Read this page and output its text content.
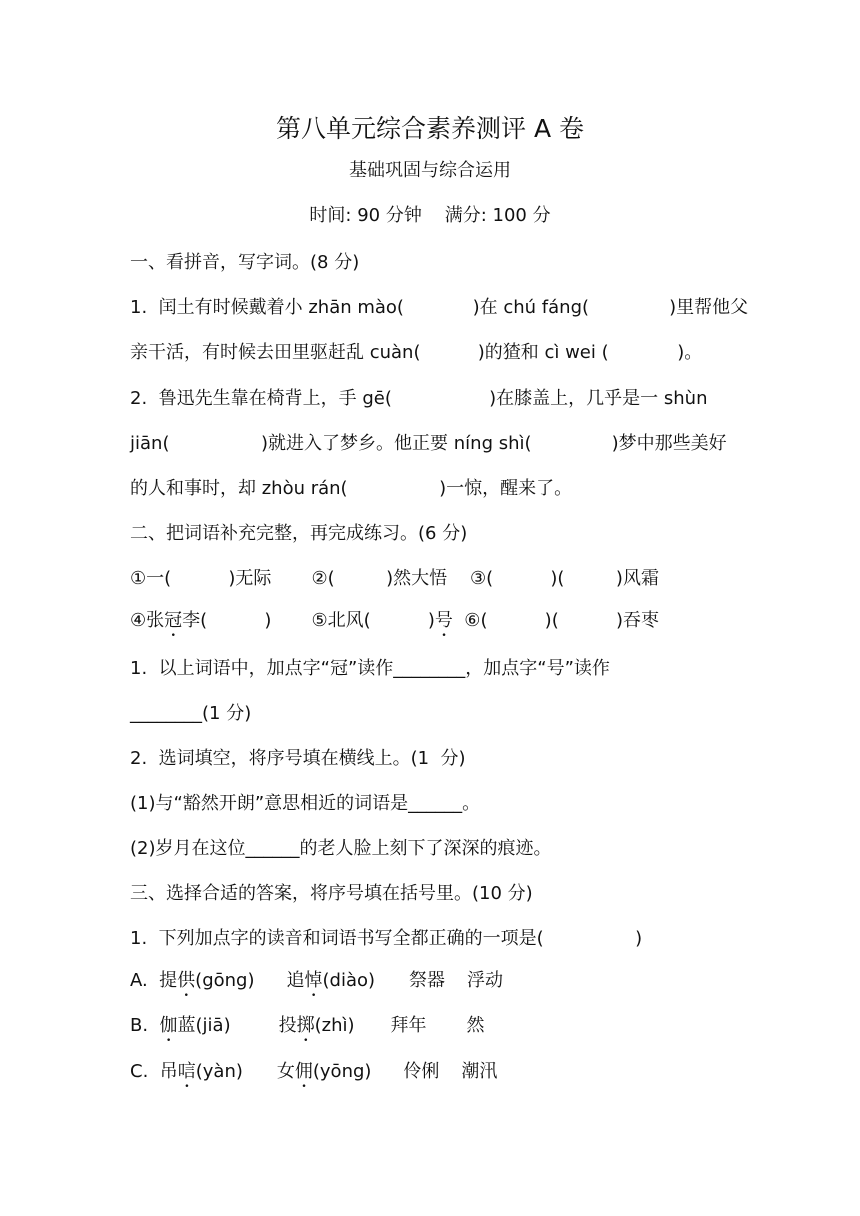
第八单元综合素养测评 A 卷
基础巩固与综合运用
时间: 90 分钟    满分: 100 分
一、看拼音，写字词。(8 分)
1.  闰土有时候戴着小 zhān mào(            )在 chú fáng(              )里帮他父
亲干活，有时候去田里驱赶乱 cuàn(          )的猹和 cì wei (            )。
2.  鲁迅先生靠在椅背上，手 gē(                 )在膝盖上，几乎是一 shùn
jiān(                )就进入了梦乡。他正要 níng shì(              )梦中那些美好
的人和事时，却 zhòu rán(                )一惊，醒来了。
二、把词语补充完整，再完成练习。(6 分)
①一(          )无际       ②(         )然大悟    ③(          )(         )风霜
④张冠李(          )       ⑤北风(          )号  ⑥(          )(          )吞枣
1.  以上词语中，加点字“冠”读作________，加点字“号”读作
________(1 分)
2.  选词填空，将序号填在横线上。(1  分)
(1)与“豁然开朗”意思相近的词语是______。
(2)岁月在这位______的老人脸上刻下了深深的痕迹。
三、选择合适的答案，将序号填在括号里。(10 分)
1.  下列加点字的读音和词语书写全都正确的一项是(                )
A.  提供(gōng) 追悼(diào) 祭器 浮动
B.  伽蓝(jiā)	投掷(zhì) 拜年 然
C.  吊唁(yàn) 女佣(yōng) 伶俐 潮汛
